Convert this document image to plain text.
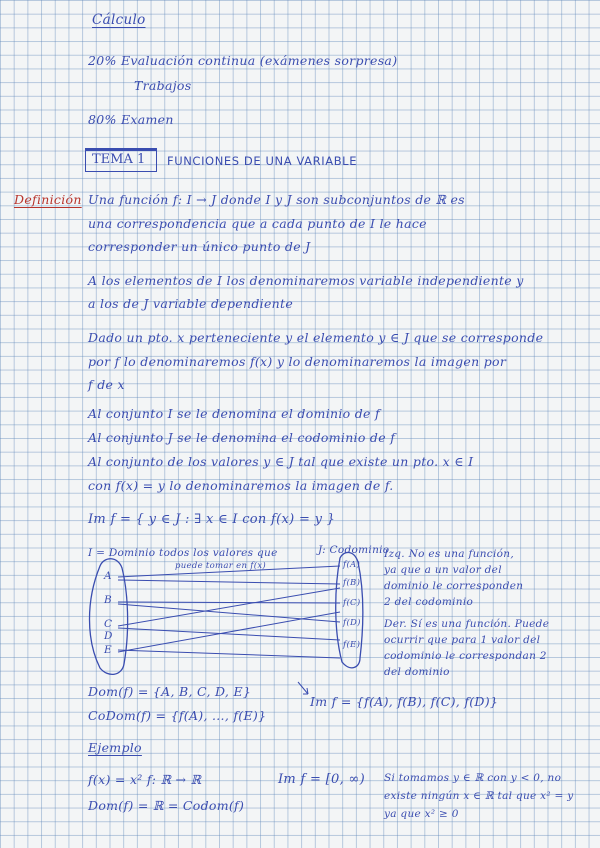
Cálculo
20% Evaluación continua (exámenes sorpresa)
Trabajos
80% Examen
TEMA 1 FUNCIONES DE UNA VARIABLE
Definición Una función f: I → J donde I y J son subconjuntos de ℝ es
una correspondencia que a cada punto de I le hace
corresponder un único punto de J
A los elementos de I los denominaremos variable independiente y
a los de J variable dependiente
Dado un pto. x perteneciente y el elemento y ∈ J que se corresponde
por f lo denominaremos f(x) y lo denominaremos la imagen por
f de x
Al conjunto I se le denomina el dominio de f
Al conjunto J se le denomina el codominio de f
Al conjunto de los valores y ∈ J tal que existe un pto. x ∈ I
con f(x) = y lo denominaremos la imagen de f.
Im f = { y ∈ J : ∃ x ∈ I con f(x) = y }
I = Dominio todos los valores que
puede tomar en f(x)
J: Codominio
A
B
C
D
E
f(A)
f(B)
f(C)
f(D)
f(E)
Izq. No es una función,
ya que a un valor del
dominio le corresponden
2 del codominio
Der. Sí es una función. Puede
ocurrir que para 1 valor del
codominio le correspondan 2
del dominio
Dom(f) = {A, B, C, D, E}
CoDom(f) = {f(A), ..., f(E)}
Im f = {f(A), f(B), f(C), f(D)}
Ejemplo
f(x) = x² f: ℝ → ℝ	Im f = [0, ∞)
Dom(f) = ℝ = Codom(f)
Si tomamos y ∈ ℝ con y < 0, no
existe ningún x ∈ ℝ tal que x² = y
ya que x² ≥ 0
